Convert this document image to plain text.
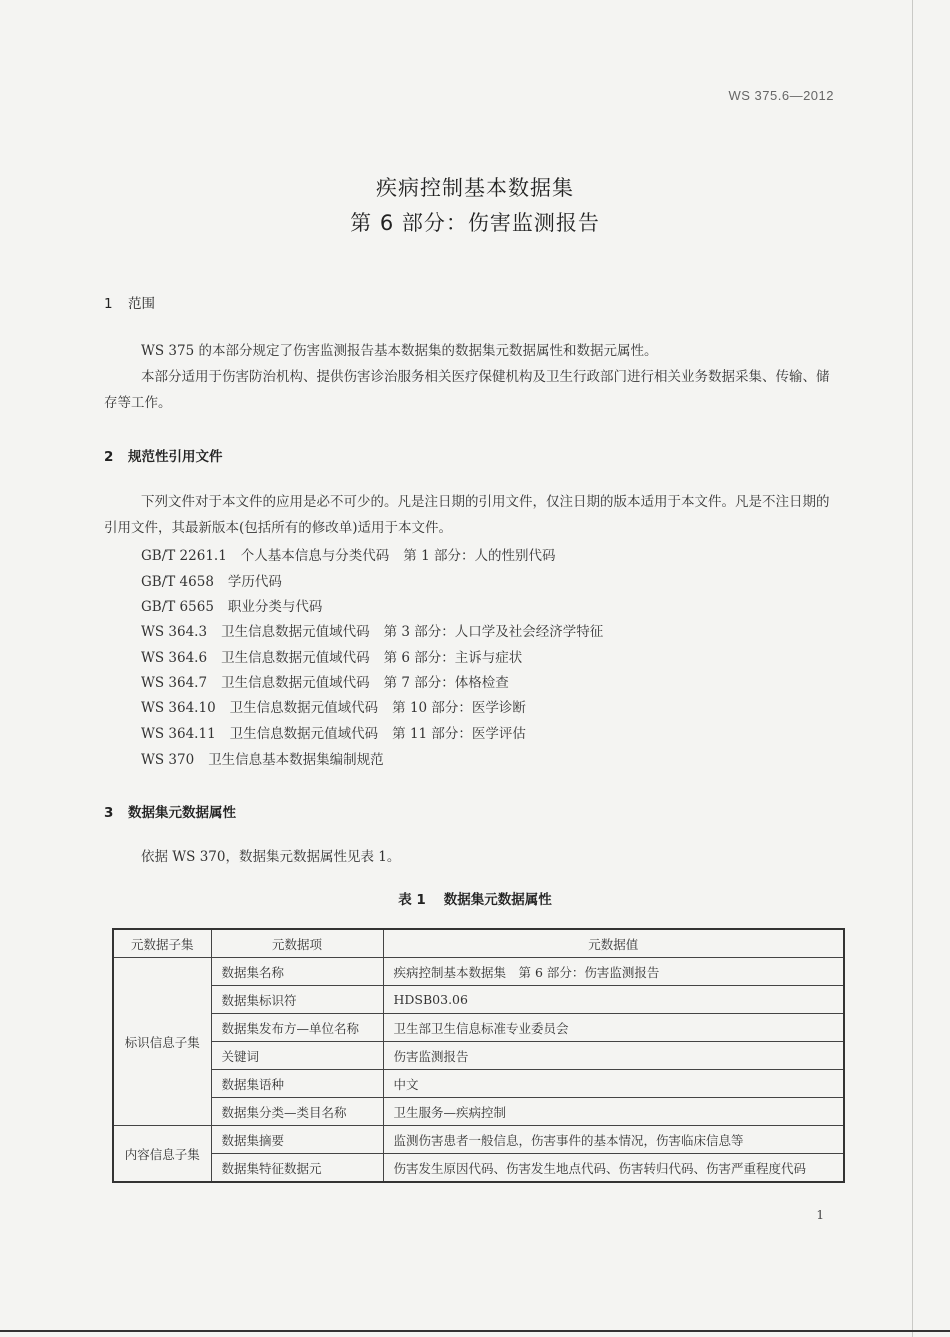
WS 375.6—2012
疾病控制基本数据集
第 6 部分：伤害监测报告
1 范围
WS 375 的本部分规定了伤害监测报告基本数据集的数据集元数据属性和数据元属性。
本部分适用于伤害防治机构、提供伤害诊治服务相关医疗保健机构及卫生行政部门进行相关业务数据采集、传输、储存等工作。
2 规范性引用文件
下列文件对于本文件的应用是必不可少的。凡是注日期的引用文件，仅注日期的版本适用于本文件。凡是不注日期的引用文件，其最新版本(包括所有的修改单)适用于本文件。
GB/T 2261.1 个人基本信息与分类代码 第 1 部分：人的性别代码
GB/T 4658 学历代码
GB/T 6565 职业分类与代码
WS 364.3 卫生信息数据元值域代码 第 3 部分：人口学及社会经济学特征
WS 364.6 卫生信息数据元值域代码 第 6 部分：主诉与症状
WS 364.7 卫生信息数据元值域代码 第 7 部分：体格检查
WS 364.10 卫生信息数据元值域代码 第 10 部分：医学诊断
WS 364.11 卫生信息数据元值域代码 第 11 部分：医学评估
WS 370 卫生信息基本数据集编制规范
3 数据集元数据属性
依据 WS 370，数据集元数据属性见表 1。
表 1 数据集元数据属性
元数据子集	元数据项	元数据值
标识信息子集	数据集名称	疾病控制基本数据集　第 6 部分：伤害监测报告
	数据集标识符	HDSB03.06
	数据集发布方—单位名称	卫生部卫生信息标准专业委员会
	关键词	伤害监测报告
	数据集语种	中文
	数据集分类—类目名称	卫生服务—疾病控制
内容信息子集	数据集摘要	监测伤害患者一般信息，伤害事件的基本情况，伤害临床信息等
	数据集特征数据元	伤害发生原因代码、伤害发生地点代码、伤害转归代码、伤害严重程度代码
1
